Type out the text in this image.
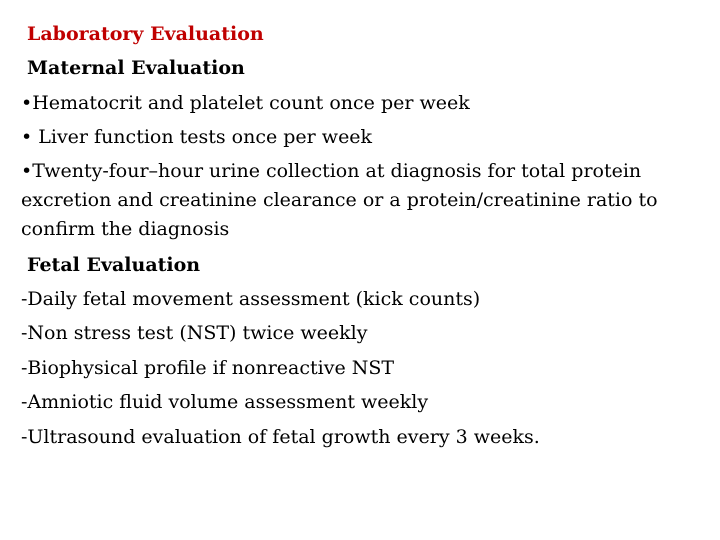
Laboratory Evaluation
Maternal Evaluation
•Hematocrit and platelet count once per week
• Liver function tests once per week
•Twenty-four–hour urine collection at diagnosis for total protein excretion and creatinine clearance or a protein/creatinine ratio to confirm the diagnosis
Fetal Evaluation
-Daily fetal movement assessment (kick counts)
-Non stress test (NST) twice weekly
-Biophysical profile if nonreactive NST
-Amniotic fluid volume assessment weekly
-Ultrasound evaluation of fetal growth every 3 weeks.
